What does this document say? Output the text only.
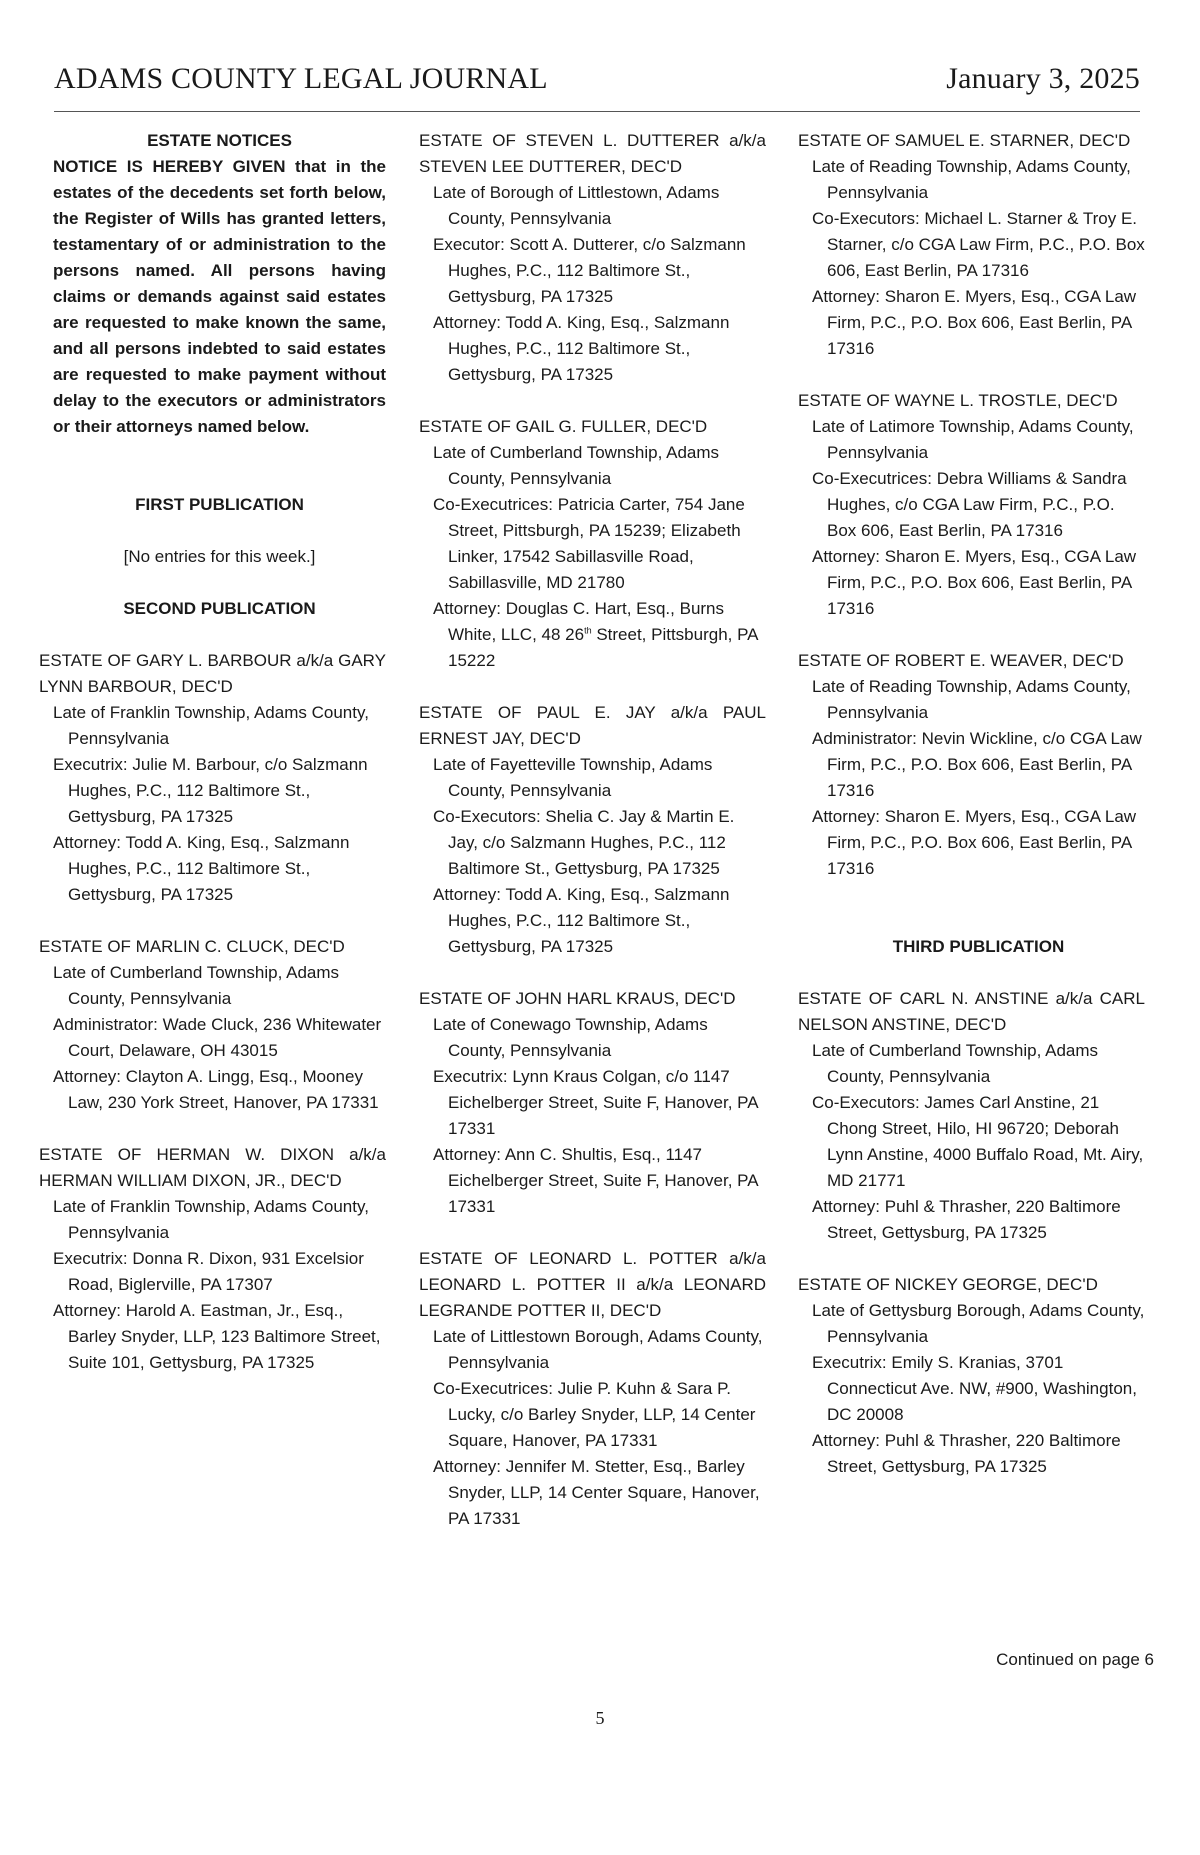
ADAMS COUNTY LEGAL JOURNAL	January 3, 2025
ESTATE NOTICES

NOTICE IS HEREBY GIVEN that in the estates of the decedents set forth below, the Register of Wills has granted letters, testamentary of or administration to the persons named. All persons having claims or demands against said estates are requested to make known the same, and all persons indebted to said estates are requested to make payment without delay to the executors or administrators or their attorneys named below.

FIRST PUBLICATION
[No entries for this week.]
SECOND PUBLICATION
ESTATE OF GARY L. BARBOUR a/k/a GARY LYNN BARBOUR, DEC'D
Late of Franklin Township, Adams County, Pennsylvania
Executrix: Julie M. Barbour, c/o Salzmann Hughes, P.C., 112 Baltimore St., Gettysburg, PA 17325
Attorney: Todd A. King, Esq., Salzmann Hughes, P.C., 112 Baltimore St., Gettysburg, PA 17325
ESTATE OF MARLIN C. CLUCK, DEC'D
Late of Cumberland Township, Adams County, Pennsylvania
Administrator: Wade Cluck, 236 Whitewater Court, Delaware, OH 43015
Attorney: Clayton A. Lingg, Esq., Mooney Law, 230 York Street, Hanover, PA 17331
ESTATE OF HERMAN W. DIXON a/k/a HERMAN WILLIAM DIXON, JR., DEC'D
Late of Franklin Township, Adams County, Pennsylvania
Executrix: Donna R. Dixon, 931 Excelsior Road, Biglerville, PA 17307
Attorney: Harold A. Eastman, Jr., Esq., Barley Snyder, LLP, 123 Baltimore Street, Suite 101, Gettysburg, PA 17325
ESTATE OF STEVEN L. DUTTERER a/k/a STEVEN LEE DUTTERER, DEC'D
Late of Borough of Littlestown, Adams County, Pennsylvania
Executor: Scott A. Dutterer, c/o Salzmann Hughes, P.C., 112 Baltimore St., Gettysburg, PA 17325
Attorney: Todd A. King, Esq., Salzmann Hughes, P.C., 112 Baltimore St., Gettysburg, PA 17325
ESTATE OF GAIL G. FULLER, DEC'D
Late of Cumberland Township, Adams County, Pennsylvania
Co-Executrices: Patricia Carter, 754 Jane Street, Pittsburgh, PA 15239; Elizabeth Linker, 17542 Sabillasville Road, Sabillasville, MD 21780
Attorney: Douglas C. Hart, Esq., Burns White, LLC, 48 26th Street, Pittsburgh, PA 15222
ESTATE OF PAUL E. JAY a/k/a PAUL ERNEST JAY, DEC'D
Late of Fayetteville Township, Adams County, Pennsylvania
Co-Executors: Shelia C. Jay & Martin E. Jay, c/o Salzmann Hughes, P.C., 112 Baltimore St., Gettysburg, PA 17325
Attorney: Todd A. King, Esq., Salzmann Hughes, P.C., 112 Baltimore St., Gettysburg, PA 17325
ESTATE OF JOHN HARL KRAUS, DEC'D
Late of Conewago Township, Adams County, Pennsylvania
Executrix: Lynn Kraus Colgan, c/o 1147 Eichelberger Street, Suite F, Hanover, PA 17331
Attorney: Ann C. Shultis, Esq., 1147 Eichelberger Street, Suite F, Hanover, PA 17331
ESTATE OF LEONARD L. POTTER a/k/a LEONARD L. POTTER II a/k/a LEONARD LEGRANDE POTTER II, DEC'D
Late of Littlestown Borough, Adams County, Pennsylvania
Co-Executrices: Julie P. Kuhn & Sara P. Lucky, c/o Barley Snyder, LLP, 14 Center Square, Hanover, PA 17331
Attorney: Jennifer M. Stetter, Esq., Barley Snyder, LLP, 14 Center Square, Hanover, PA 17331
ESTATE OF SAMUEL E. STARNER, DEC'D
Late of Reading Township, Adams County, Pennsylvania
Co-Executors: Michael L. Starner & Troy E. Starner, c/o CGA Law Firm, P.C., P.O. Box 606, East Berlin, PA 17316
Attorney: Sharon E. Myers, Esq., CGA Law Firm, P.C., P.O. Box 606, East Berlin, PA 17316
ESTATE OF WAYNE L. TROSTLE, DEC'D
Late of Latimore Township, Adams County, Pennsylvania
Co-Executrices: Debra Williams & Sandra Hughes, c/o CGA Law Firm, P.C., P.O. Box 606, East Berlin, PA 17316
Attorney: Sharon E. Myers, Esq., CGA Law Firm, P.C., P.O. Box 606, East Berlin, PA 17316
ESTATE OF ROBERT E. WEAVER, DEC'D
Late of Reading Township, Adams County, Pennsylvania
Administrator: Nevin Wickline, c/o CGA Law Firm, P.C., P.O. Box 606, East Berlin, PA 17316
Attorney: Sharon E. Myers, Esq., CGA Law Firm, P.C., P.O. Box 606, East Berlin, PA 17316
THIRD PUBLICATION
ESTATE OF CARL N. ANSTINE a/k/a CARL NELSON ANSTINE, DEC'D
Late of Cumberland Township, Adams County, Pennsylvania
Co-Executors: James Carl Anstine, 21 Chong Street, Hilo, HI 96720; Deborah Lynn Anstine, 4000 Buffalo Road, Mt. Airy, MD 21771
Attorney: Puhl & Thrasher, 220 Baltimore Street, Gettysburg, PA 17325
ESTATE OF NICKEY GEORGE, DEC'D
Late of Gettysburg Borough, Adams County, Pennsylvania
Executrix: Emily S. Kranias, 3701 Connecticut Ave. NW, #900, Washington, DC 20008
Attorney: Puhl & Thrasher, 220 Baltimore Street, Gettysburg, PA 17325
Continued on page 6
5
